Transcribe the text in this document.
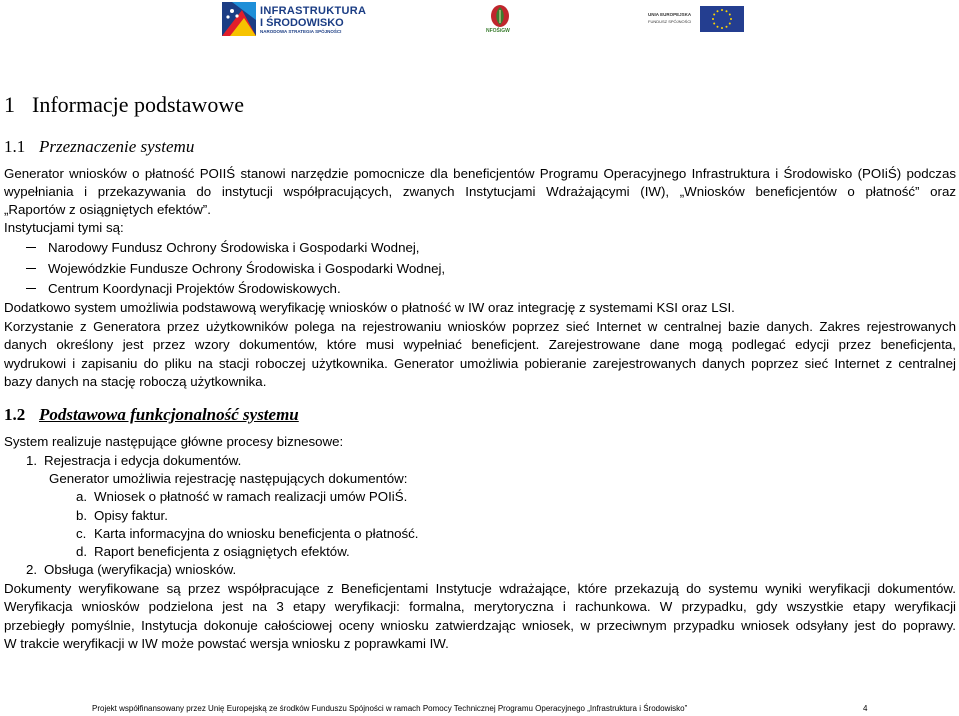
INFRASTRUKTURA
I ŚRODOWISKO
NARODOWA STRATEGIA SPÓJNOŚCI	NFOŚiGW
UNIA EUROPEJSKA
FUNDUSZ SPÓJNOŚCI
1 Informacje podstawowe
1.1 Przeznaczenie systemu
Generator wniosków o płatność POIIŚ stanowi narzędzie pomocnicze dla beneficjentów Programu Operacyjnego Infrastruktura i Środowisko (POIiŚ) podczas
wypełniania i przekazywania do instytucji współpracujących, zwanych Instytucjami Wdrażającymi (IW), „Wniosków beneficjentów o płatność” oraz
„Raportów z osiągniętych efektów”.
Instytucjami tymi są:
Narodowy Fundusz Ochrony Środowiska i Gospodarki Wodnej,
Wojewódzkie Fundusze Ochrony Środowiska i Gospodarki Wodnej,
Centrum Koordynacji Projektów Środowiskowych.
Dodatkowo system umożliwia podstawową weryfikację wniosków o płatność w IW oraz integrację z systemami KSI oraz LSI.
Korzystanie z Generatora przez użytkowników polega na rejestrowaniu wniosków poprzez sieć Internet w centralnej bazie danych. Zakres rejestrowanych
danych określony jest przez wzory dokumentów, które musi wypełniać beneficjent. Zarejestrowane dane mogą podlegać edycji przez beneficjenta,
wydrukowi i zapisaniu do pliku na stacji roboczej użytkownika. Generator umożliwia pobieranie zarejestrowanych danych poprzez sieć Internet z centralnej
bazy danych na stację roboczą użytkownika.
1.2 Podstawowa funkcjonalność systemu
System realizuje następujące główne procesy biznesowe:
1. Rejestracja i edycja dokumentów.
Generator umożliwia rejestrację następujących dokumentów:
a. Wniosek o płatność w ramach realizacji umów POIiŚ.
b. Opisy faktur.
c. Karta informacyjna do wniosku beneficjenta o płatność.
d. Raport beneficjenta z osiągniętych efektów.
2. Obsługa (weryfikacja) wniosków.
Dokumenty weryfikowane są przez współpracujące z Beneficjentami Instytucje wdrażające, które przekazują do systemu wyniki weryfikacji dokumentów.
Weryfikacja wniosków podzielona jest na 3 etapy weryfikacji: formalna, merytoryczna i rachunkowa. W przypadku, gdy wszystkie etapy weryfikacji
przebiegły pomyślnie, Instytucja dokonuje całościowej oceny wniosku zatwierdzając wniosek, w przeciwnym przypadku wniosek odsyłany jest do poprawy.
W trakcie weryfikacji w IW może powstać wersja wniosku z poprawkami IW.
Projekt współfinansowany przez Unię Europejską ze środków Funduszu Spójności w ramach Pomocy Technicznej Programu Operacyjnego „Infrastruktura i Środowisko”	4
